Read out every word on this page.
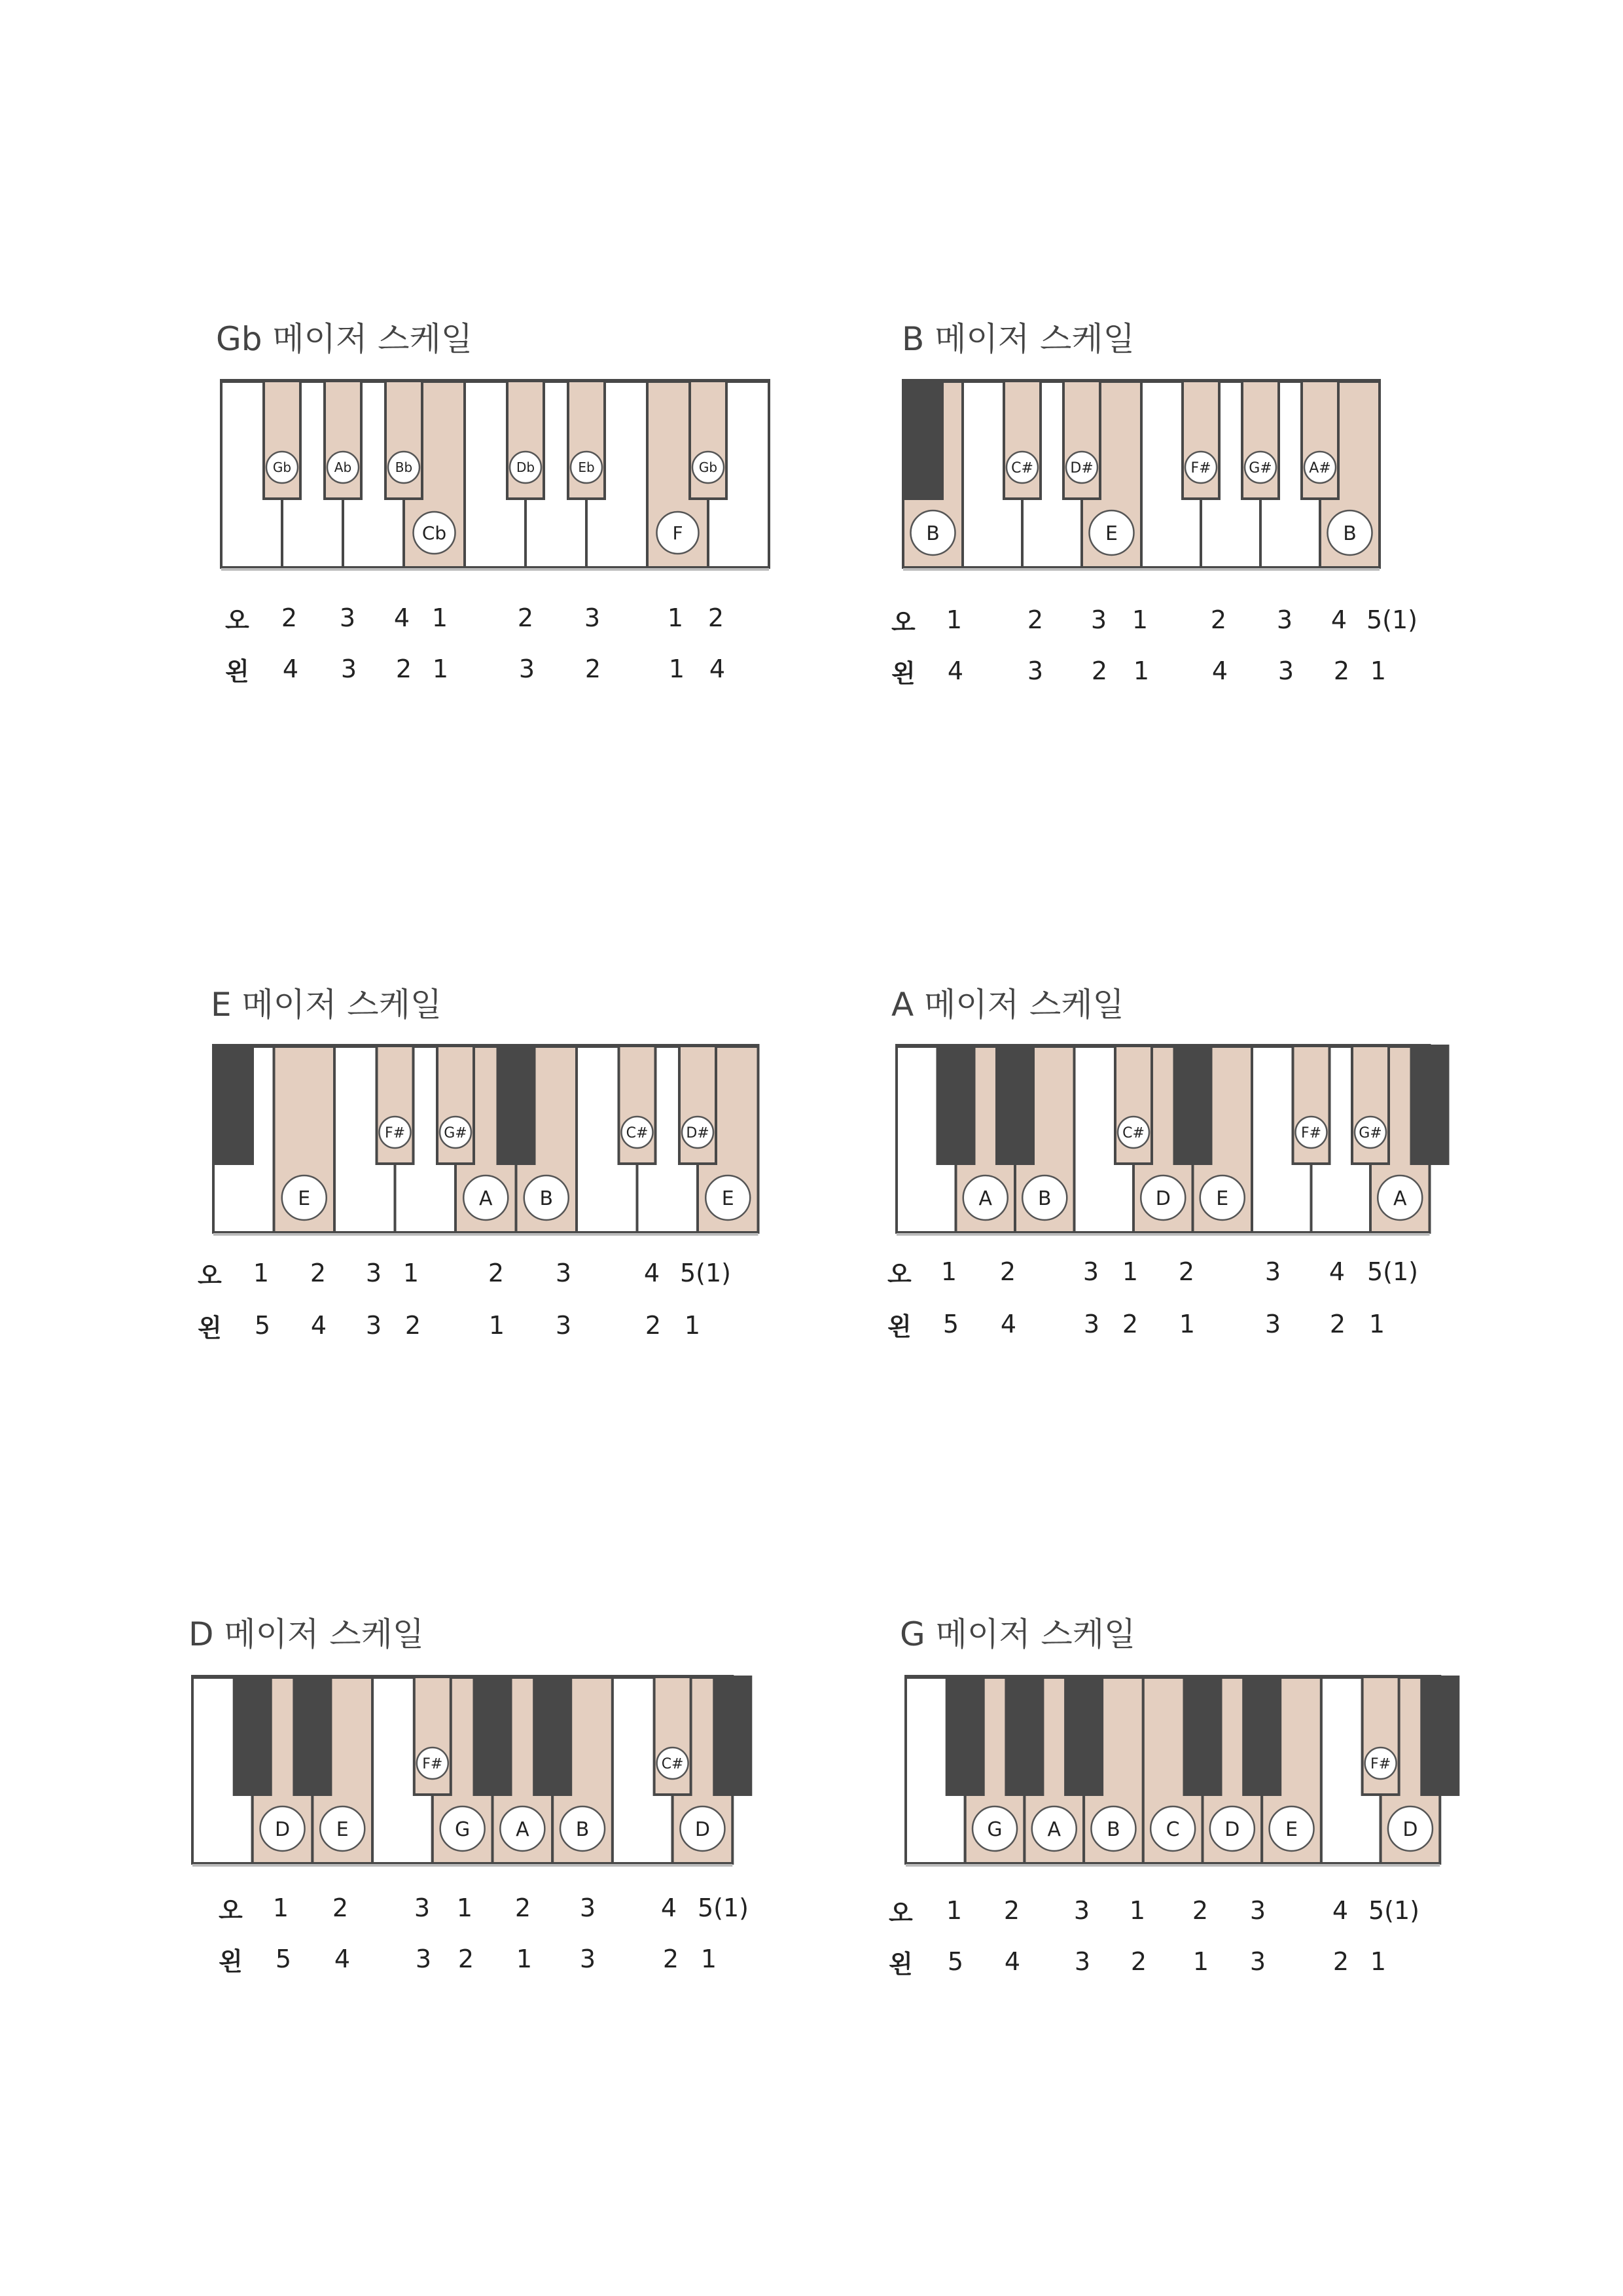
Gb 메이저 스케일
Gb	Ab	Bb
Cb
Db	Eb
F
Gb
오
왼
2 3 4 1	2 3	1 2
4 3 2 1	3 2	1 4
B 메이저 스케일
B
C#	D#
E
F#	G#	A#
B
오
왼
1	2 3 1	2 3 4 5(1)
4	3 2 1	4 3 2 1
E 메이저 스케일
E
F#	G#
A B
C#	D#
E
오
왼
1 2 3 1	2 3	4 5(1)
5 4 3 2	1 3	2 1
A 메이저 스케일
A B
C#
D E
F#	G#
A
오
왼
1 2	3 1 2	3 4 5(1)
5 4	3 2 1	3 2 1
D 메이저 스케일
D E
F#
G A B
C#
D
오
왼
1 2	3 1 2 3	4 5(1)
5 4	3 2 1 3	2 1
G 메이저 스케일
G A B C D E
F#
D
오
왼
1 2 3 1 2 3	4 5(1)
5 4 3 2 1 3	2 1
